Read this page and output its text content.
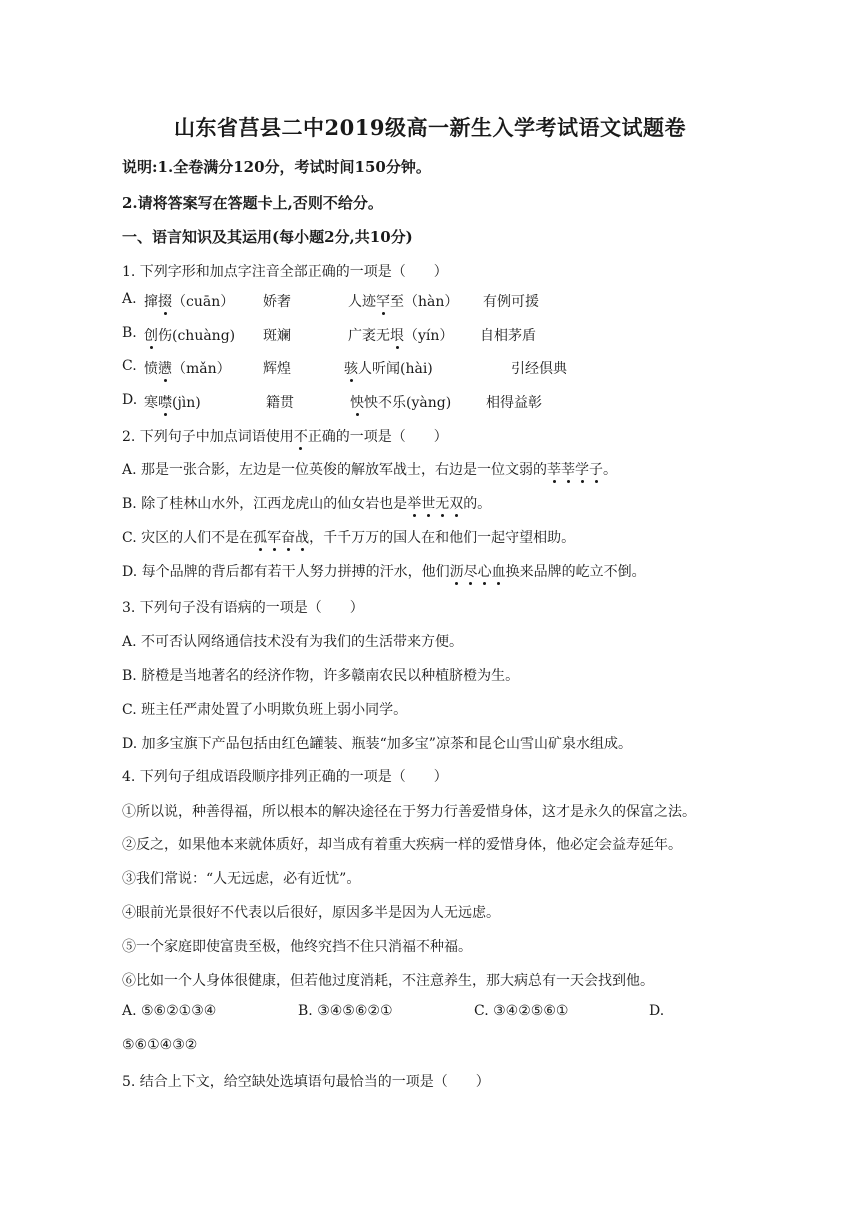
山东省莒县二中2019级高一新生入学考试语文试题卷
说明:1.全卷满分120分，考试时间150分钟。
2.请将答案写在答题卡上,否则不给分。
一、语言知识及其运用(每小题2分,共10分)
1. 下列字形和加点字注音全部正确的一项是（　　）
A. 撺掇（cuān） 娇奢	人迹罕至（hàn） 有例可援
B. 创伤(chuàng) 斑斓	广袤无垠（yín） 自相茅盾
C. 愤懑（mǎn） 辉煌	骇人听闻(hài)	引经倶典
D. 寒噤(jìn)	籍贯	怏怏不乐(yàng) 相得益彰
2. 下列句子中加点词语使用不正确的一项是（　　）
A. 那是一张合影，左边是一位英俊的解放军战士，右边是一位文弱的莘莘学子。
B. 除了桂林山水外，江西龙虎山的仙女岩也是举世无双的。
C. 灾区的人们不是在孤军奋战，千千万万的国人在和他们一起守望相助。
D. 每个品牌的背后都有若干人努力拼搏的汗水，他们沥尽心血换来品牌的屹立不倒。
3. 下列句子没有语病的一项是（　　）
A. 不可否认网络通信技术没有为我们的生活带来方便。
B. 脐橙是当地著名的经济作物，许多赣南农民以种植脐橙为生。
C. 班主任严肃处置了小明欺负班上弱小同学。
D. 加多宝旗下产品包括由红色罐装、瓶装“加多宝”凉茶和昆仑山雪山矿泉水组成。
4. 下列句子组成语段顺序排列正确的一项是（　　）
①所以说，种善得福，所以根本的解决途径在于努力行善爱惜身体，这才是永久的保富之法。
②反之，如果他本来就体质好，却当成有着重大疾病一样的爱惜身体，他必定会益寿延年。
③我们常说：“人无远虑，必有近忧”。
④眼前光景很好不代表以后很好，原因多半是因为人无远虑。
⑤一个家庭即使富贵至极，他终究挡不住只消福不种福。
⑥比如一个人身体很健康，但若他过度消耗，不注意养生，那大病总有一天会找到他。
A. ⑤⑥②①③④	B. ③④⑤⑥②①	C. ③④②⑤⑥①	D.
⑤⑥①④③②
5. 结合上下文，给空缺处选填语句最恰当的一项是（　　）
